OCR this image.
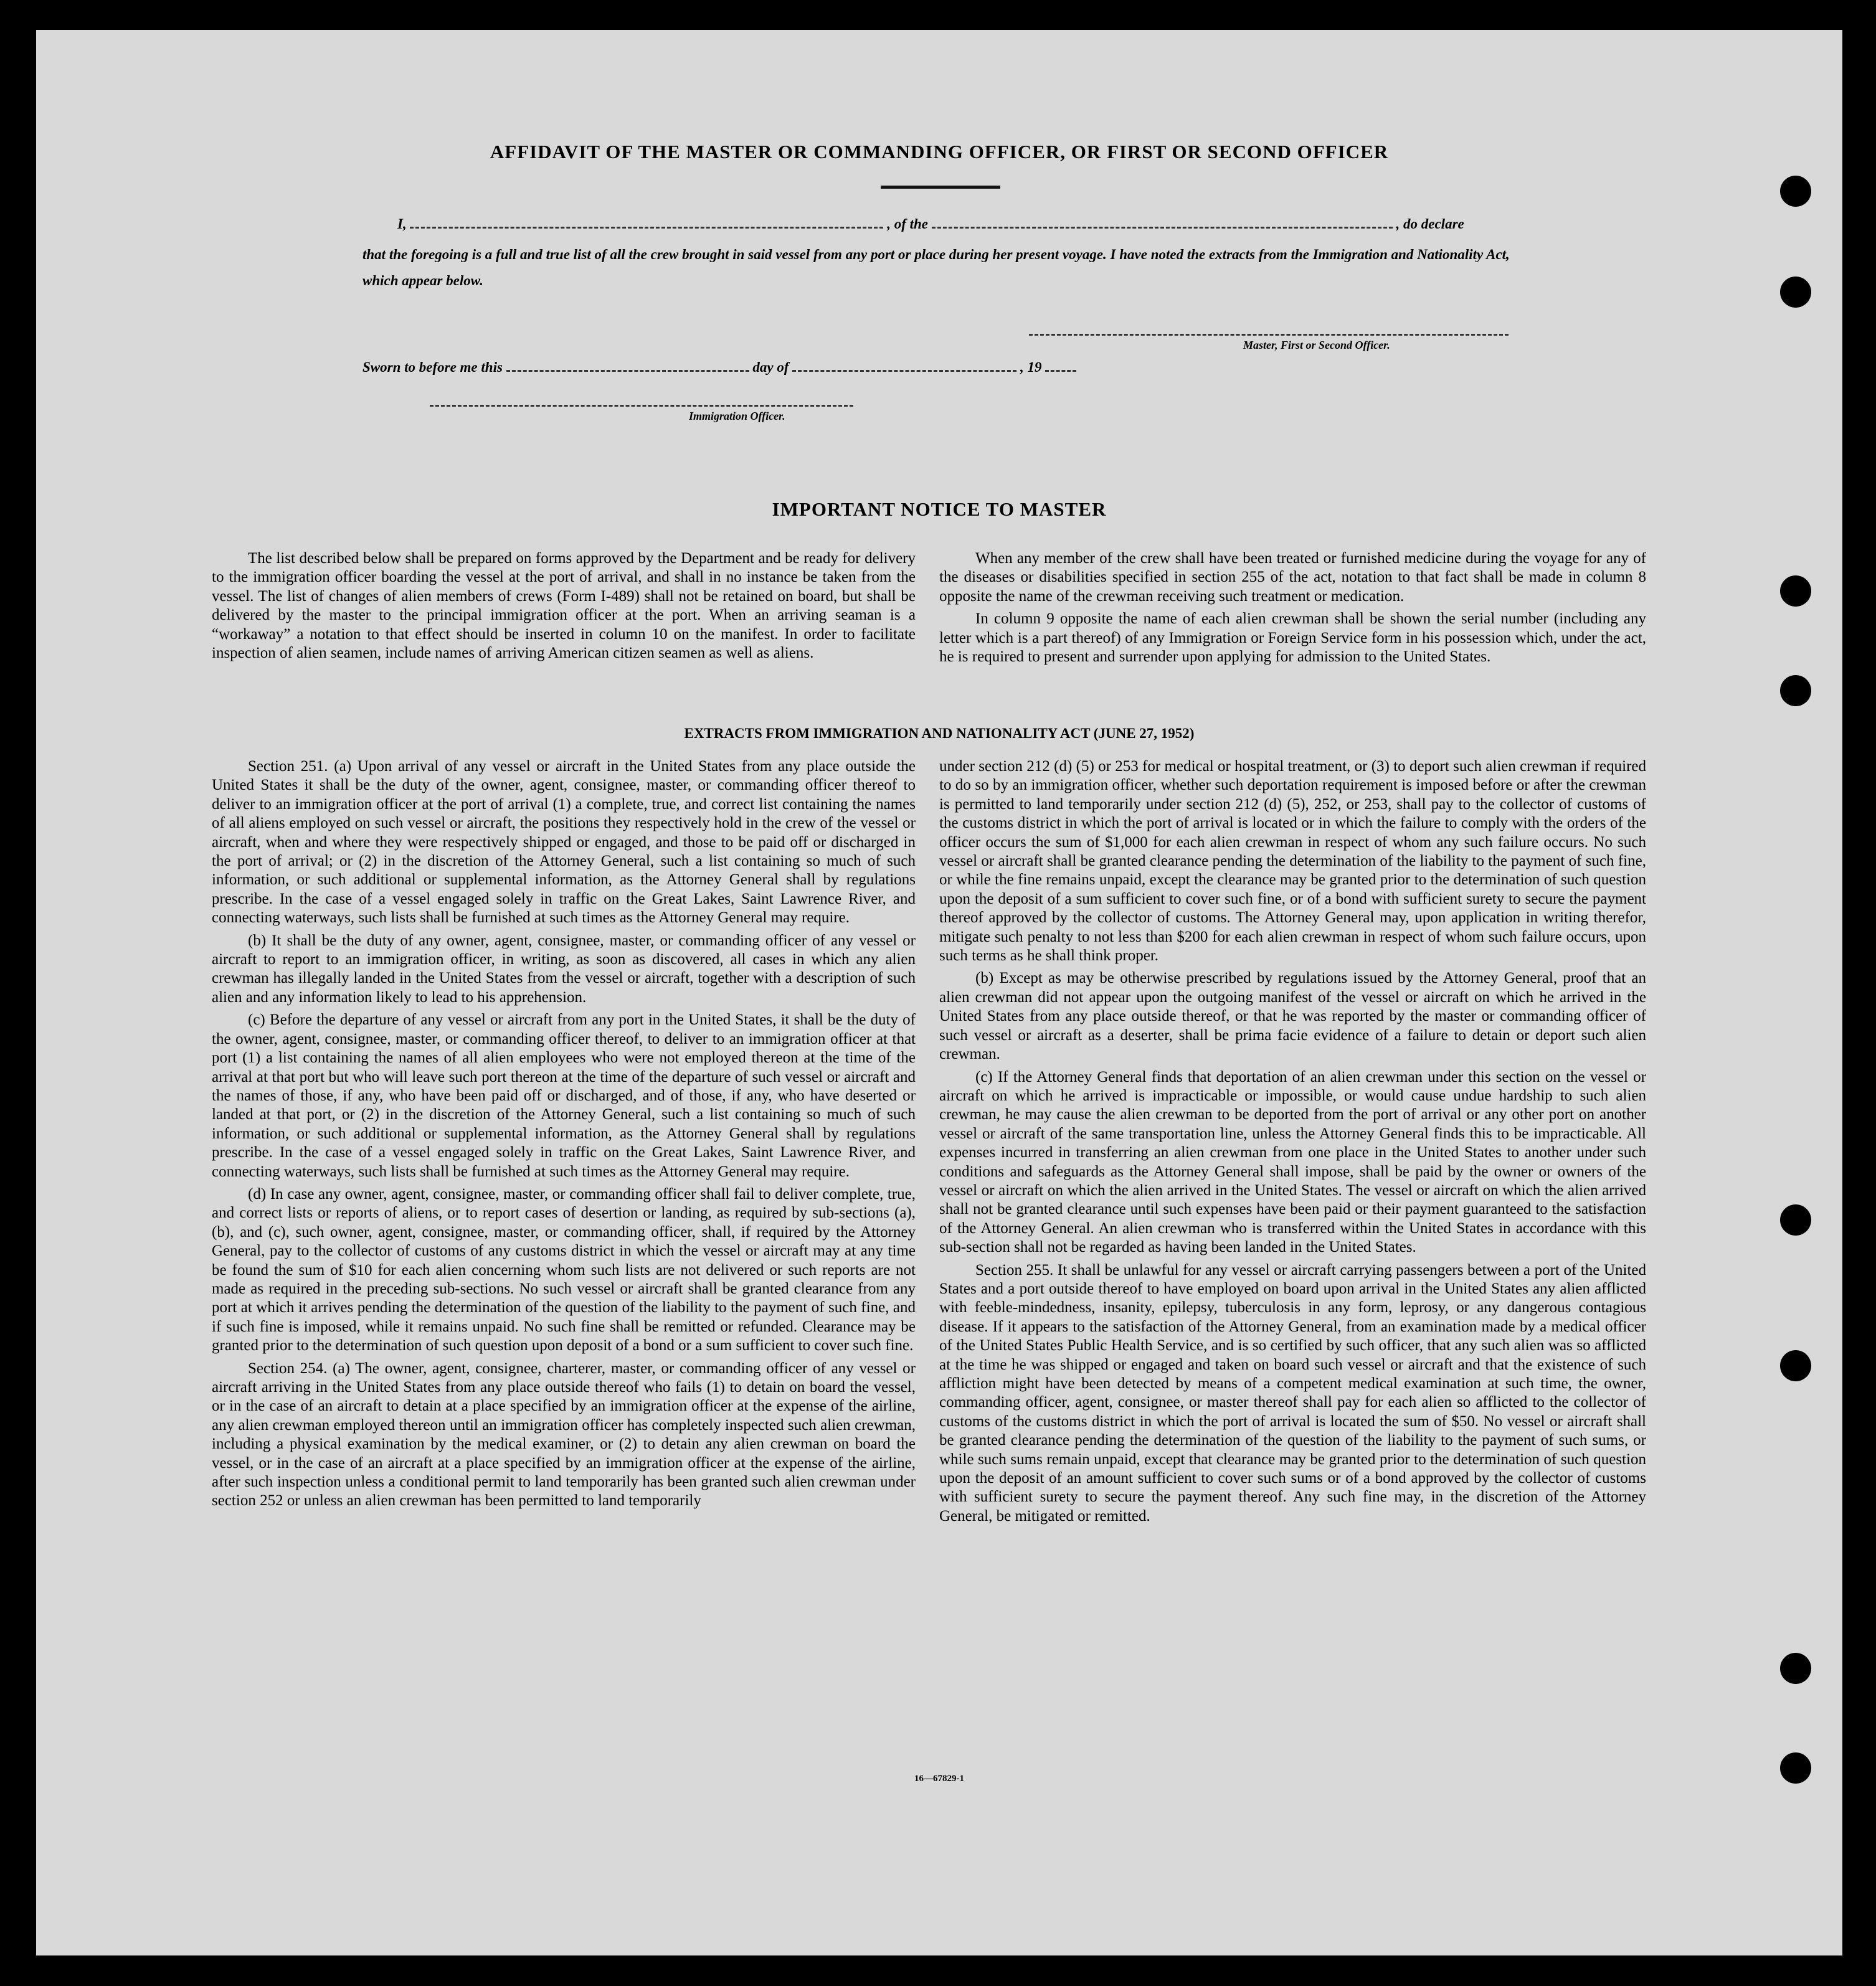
AFFIDAVIT OF THE MASTER OR COMMANDING OFFICER, OR FIRST OR SECOND OFFICER
I,	, of the	, do declare
that the foregoing is a full and true list of all the crew brought in said vessel from any port or place during her present voyage. I have noted the extracts from the Immigration and Nationality Act, which appear below.
Master, First or Second Officer.
Sworn to before me this	day of	, 19
Immigration Officer.
IMPORTANT NOTICE TO MASTER

The list described below shall be prepared on forms approved by the Department and be ready for delivery to the immigration officer boarding the vessel at the port of arrival, and shall in no instance be taken from the vessel. The list of changes of alien members of crews (Form I-489) shall not be retained on board, but shall be delivered by the master to the principal immigration officer at the port. When an arriving seaman is a “workaway” a notation to that effect should be inserted in column 10 on the manifest. In order to facilitate inspection of alien seamen, include names of arriving American citizen seamen as well as aliens.

When any member of the crew shall have been treated or furnished medicine during the voyage for any of the diseases or disabilities specified in section 255 of the act, notation to that fact shall be made in column 8 opposite the name of the crewman receiving such treatment or medication.

In column 9 opposite the name of each alien crewman shall be shown the serial number (including any letter which is a part thereof) of any Immigration or Foreign Service form in his possession which, under the act, he is required to present and surrender upon applying for admission to the United States.

EXTRACTS FROM IMMIGRATION AND NATIONALITY ACT (JUNE 27, 1952)

Section 251. (a) Upon arrival of any vessel or aircraft in the United States from any place outside the United States it shall be the duty of the owner, agent, consignee, master, or commanding officer thereof to deliver to an immigration officer at the port of arrival (1) a complete, true, and correct list containing the names of all aliens employed on such vessel or aircraft, the positions they respectively hold in the crew of the vessel or aircraft, when and where they were respectively shipped or engaged, and those to be paid off or discharged in the port of arrival; or (2) in the discretion of the Attorney General, such a list containing so much of such information, or such additional or supplemental information, as the Attorney General shall by regulations prescribe. In the case of a vessel engaged solely in traffic on the Great Lakes, Saint Lawrence River, and connecting waterways, such lists shall be furnished at such times as the Attorney General may require.

(b) It shall be the duty of any owner, agent, consignee, master, or commanding officer of any vessel or aircraft to report to an immigration officer, in writing, as soon as discovered, all cases in which any alien crewman has illegally landed in the United States from the vessel or aircraft, together with a description of such alien and any information likely to lead to his apprehension.

(c) Before the departure of any vessel or aircraft from any port in the United States, it shall be the duty of the owner, agent, consignee, master, or commanding officer thereof, to deliver to an immigration officer at that port (1) a list containing the names of all alien employees who were not employed thereon at the time of the arrival at that port but who will leave such port thereon at the time of the departure of such vessel or aircraft and the names of those, if any, who have been paid off or discharged, and of those, if any, who have deserted or landed at that port, or (2) in the discretion of the Attorney General, such a list containing so much of such information, or such additional or supplemental information, as the Attorney General shall by regulations prescribe. In the case of a vessel engaged solely in traffic on the Great Lakes, Saint Lawrence River, and connecting waterways, such lists shall be furnished at such times as the Attorney General may require.

(d) In case any owner, agent, consignee, master, or commanding officer shall fail to deliver complete, true, and correct lists or reports of aliens, or to report cases of desertion or landing, as required by sub-sections (a), (b), and (c), such owner, agent, consignee, master, or commanding officer, shall, if required by the Attorney General, pay to the collector of customs of any customs district in which the vessel or aircraft may at any time be found the sum of $10 for each alien concerning whom such lists are not delivered or such reports are not made as required in the preceding sub-sections. No such vessel or aircraft shall be granted clearance from any port at which it arrives pending the determination of the question of the liability to the payment of such fine, and if such fine is imposed, while it remains unpaid. No such fine shall be remitted or refunded. Clearance may be granted prior to the determination of such question upon deposit of a bond or a sum sufficient to cover such fine.

Section 254. (a) The owner, agent, consignee, charterer, master, or commanding officer of any vessel or aircraft arriving in the United States from any place outside thereof who fails (1) to detain on board the vessel, or in the case of an aircraft to detain at a place specified by an immigration officer at the expense of the airline, any alien crewman employed thereon until an immigration officer has completely inspected such alien crewman, including a physical examination by the medical examiner, or (2) to detain any alien crewman on board the vessel, or in the case of an aircraft at a place specified by an immigration officer at the expense of the airline, after such inspection unless a conditional permit to land temporarily has been granted such alien crewman under section 252 or unless an alien crewman has been permitted to land temporarily

under section 212 (d) (5) or 253 for medical or hospital treatment, or (3) to deport such alien crewman if required to do so by an immigration officer, whether such deportation requirement is imposed before or after the crewman is permitted to land temporarily under section 212 (d) (5), 252, or 253, shall pay to the collector of customs of the customs district in which the port of arrival is located or in which the failure to comply with the orders of the officer occurs the sum of $1,000 for each alien crewman in respect of whom any such failure occurs. No such vessel or aircraft shall be granted clearance pending the determination of the liability to the payment of such fine, or while the fine remains unpaid, except the clearance may be granted prior to the determination of such question upon the deposit of a sum sufficient to cover such fine, or of a bond with sufficient surety to secure the payment thereof approved by the collector of customs. The Attorney General may, upon application in writing therefor, mitigate such penalty to not less than $200 for each alien crewman in respect of whom such failure occurs, upon such terms as he shall think proper.

(b) Except as may be otherwise prescribed by regulations issued by the Attorney General, proof that an alien crewman did not appear upon the outgoing manifest of the vessel or aircraft on which he arrived in the United States from any place outside thereof, or that he was reported by the master or commanding officer of such vessel or aircraft as a deserter, shall be prima facie evidence of a failure to detain or deport such alien crewman.

(c) If the Attorney General finds that deportation of an alien crewman under this section on the vessel or aircraft on which he arrived is impracticable or impossible, or would cause undue hardship to such alien crewman, he may cause the alien crewman to be deported from the port of arrival or any other port on another vessel or aircraft of the same transportation line, unless the Attorney General finds this to be impracticable. All expenses incurred in transferring an alien crewman from one place in the United States to another under such conditions and safeguards as the Attorney General shall impose, shall be paid by the owner or owners of the vessel or aircraft on which the alien arrived in the United States. The vessel or aircraft on which the alien arrived shall not be granted clearance until such expenses have been paid or their payment guaranteed to the satisfaction of the Attorney General. An alien crewman who is transferred within the United States in accordance with this sub-section shall not be regarded as having been landed in the United States.

Section 255. It shall be unlawful for any vessel or aircraft carrying passengers between a port of the United States and a port outside thereof to have employed on board upon arrival in the United States any alien afflicted with feeble-mindedness, insanity, epilepsy, tuberculosis in any form, leprosy, or any dangerous contagious disease. If it appears to the satisfaction of the Attorney General, from an examination made by a medical officer of the United States Public Health Service, and is so certified by such officer, that any such alien was so afflicted at the time he was shipped or engaged and taken on board such vessel or aircraft and that the existence of such affliction might have been detected by means of a competent medical examination at such time, the owner, commanding officer, agent, consignee, or master thereof shall pay for each alien so afflicted to the collector of customs of the customs district in which the port of arrival is located the sum of $50. No vessel or aircraft shall be granted clearance pending the determination of the question of the liability to the payment of such sums, or while such sums remain unpaid, except that clearance may be granted prior to the determination of such question upon the deposit of an amount sufficient to cover such sums or of a bond approved by the collector of customs with sufficient surety to secure the payment thereof. Any such fine may, in the discretion of the Attorney General, be mitigated or remitted.

16—67829-1
